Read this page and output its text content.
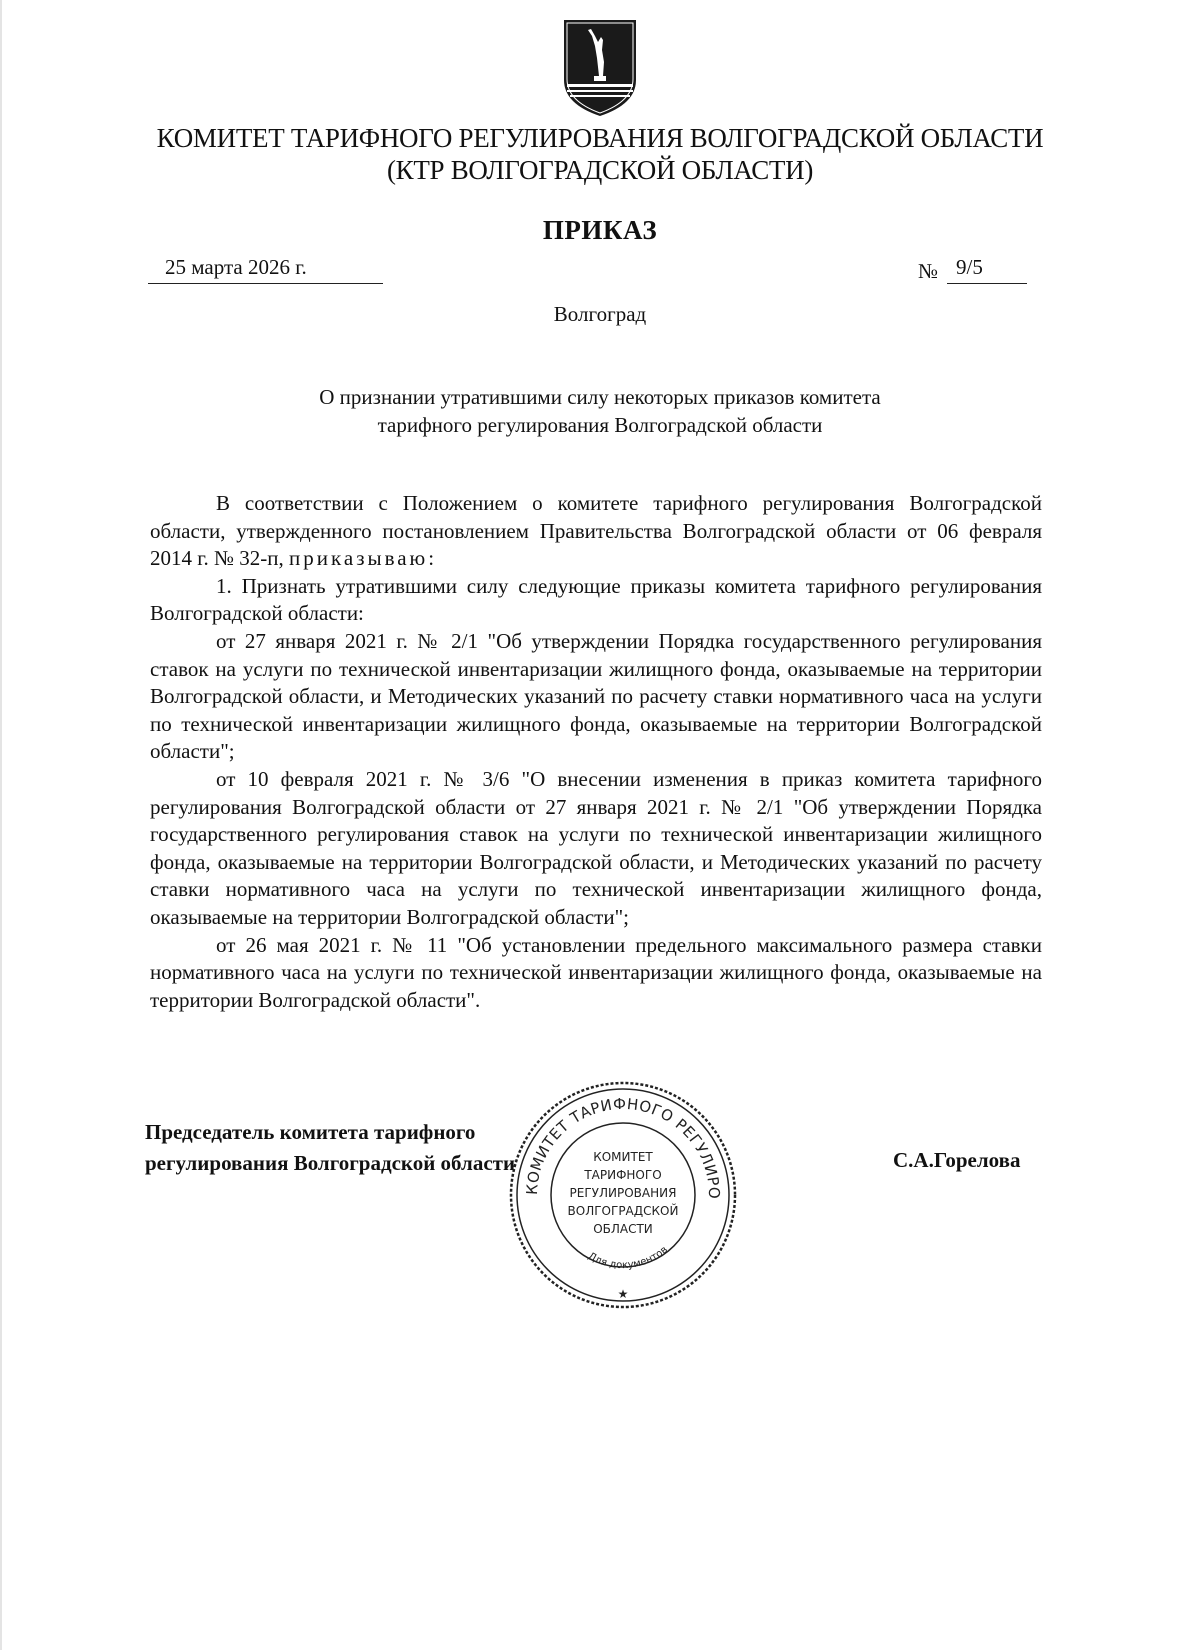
КОМИТЕТ ТАРИФНОГО РЕГУЛИРОВАНИЯ ВОЛГОГРАДСКОЙ ОБЛАСТИ
(КТР ВОЛГОГРАДСКОЙ ОБЛАСТИ)
ПРИКАЗ
25 марта 2026 г.	№ 9/5
Волгоград
О признании утратившими силу некоторых приказов комитета
тарифного регулирования Волгоградской области

В соответствии с Положением о комитете тарифного регулирования Волгоградской области, утвержденного постановлением Правительства Волгоградской области от 06 февраля 2014 г. № 32-п, приказываю:

1. Признать утратившими силу следующие приказы комитета тарифного регулирования Волгоградской области:

от 27 января 2021 г. № 2/1 "Об утверждении Порядка государственного регулирования ставок на услуги по технической инвентаризации жилищного фонда, оказываемые на территории Волгоградской области, и Методических указаний по расчету ставки нормативного часа на услуги по технической инвентаризации жилищного фонда, оказываемые на территории Волгоградской области";

от 10 февраля 2021 г. № 3/6 "О внесении изменения в приказ комитета тарифного регулирования Волгоградской области от 27 января 2021 г. № 2/1 "Об утверждении Порядка государственного регулирования ставок на услуги по технической инвентаризации жилищного фонда, оказываемые на территории Волгоградской области, и Методических указаний по расчету ставки нормативного часа на услуги по технической инвентаризации жилищного фонда, оказываемые на территории Волгоградской области";

от 26 мая 2021 г. № 11 "Об установлении предельного максимального размера ставки нормативного часа на услуги по технической инвентаризации жилищного фонда, оказываемые на территории Волгоградской области".

Председатель комитета тарифного
регулирования Волгоградской области	С.А.Горелова
КОМИТЕТ ТАРИФНОГО РЕГУЛИРО
Для документов
КОМИТЕТ
ТАРИФНОГО
РЕГУЛИРОВАНИЯ
ВОЛГОГРАДСКОЙ
ОБЛАСТИ
★
